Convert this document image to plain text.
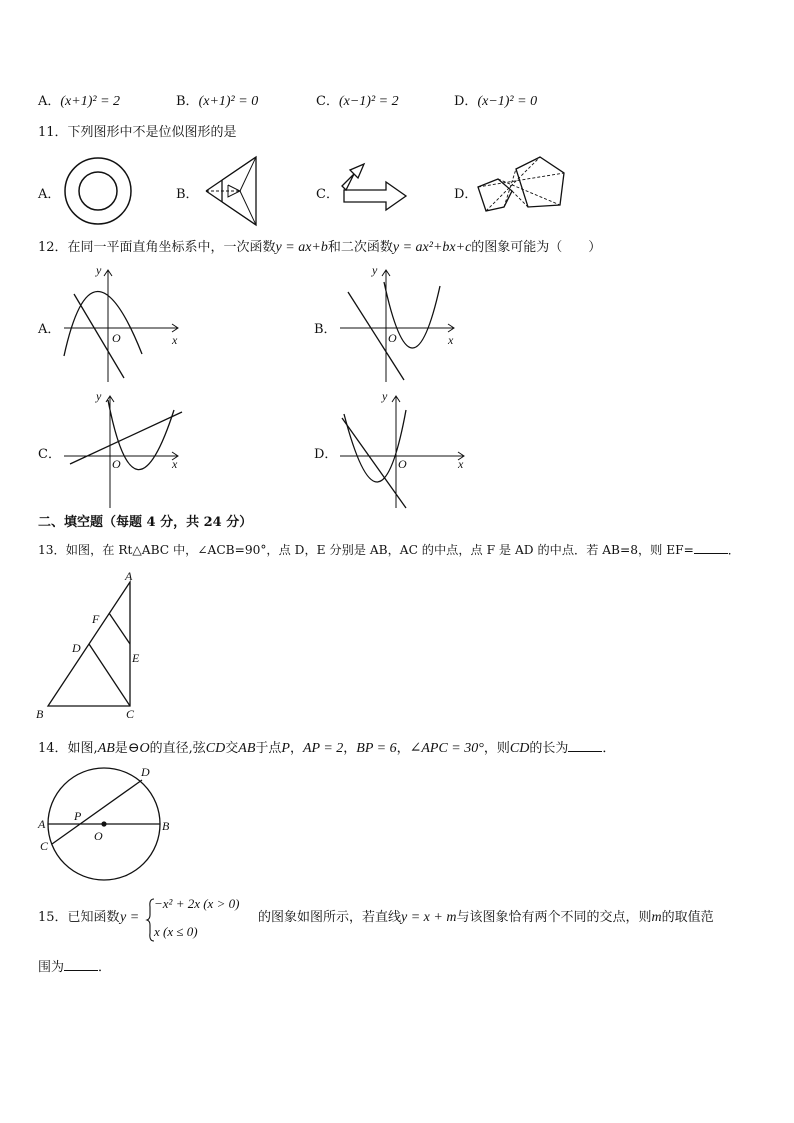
A．(x+1)² = 2	B．(x+1)² = 0	C．(x−1)² = 2	D．(x−1)² = 0
11．下列图形中不是位似图形的是
A．	B．	C．	D．
12．在同一平面直角坐标系中，一次函数y = ax+b和二次函数y = ax²+bx+c的图象可能为（　　）
A．
y
x
O
B．
y
x
O
C．
y
x
O
D．
y
x
O
二、填空题（每题 4 分，共 24 分）
13．如图，在 Rt△ABC 中，∠ACB=90°，点 D，E 分别是 AB，AC 的中点，点 F 是 AD 的中点．若 AB=8，则 EF=	．
A
B	C
D
E
F
14．如图,AB是⊖O的直径,弦CD交AB于点P，AP = 2，BP = 6，∠APC = 30°，则CD的长为	．
A	B
C
D
P
O
15．已知函数 y =
−x² + 2x (x > 0)
x (x ≤ 0)
的图象如图所示，若直线y = x + m与该图象恰有两个不同的交点，则m的取值范
围为	．
